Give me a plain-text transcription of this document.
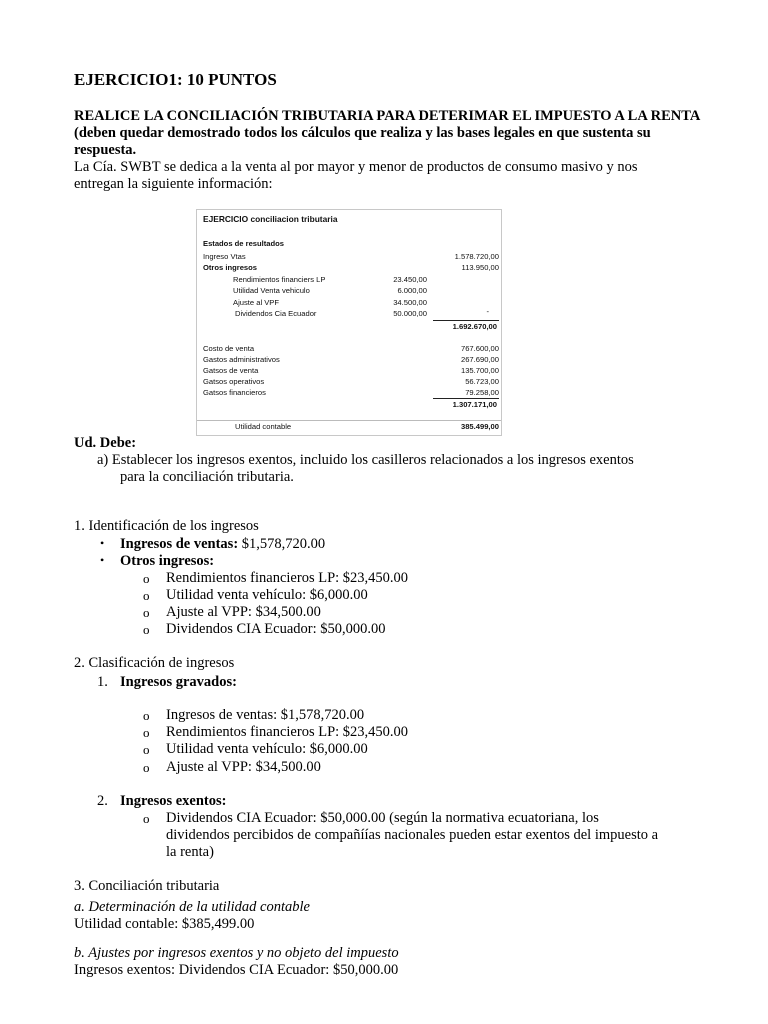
EJERCICIO1: 10 PUNTOS
REALICE LA CONCILIACIÓN TRIBUTARIA PARA DETERIMAR EL IMPUESTO A LA RENTA
(deben quedar demostrado todos los cálculos que realiza y las bases legales en que sustenta su
respuesta.
La Cía. SWBT se dedica a la venta al por mayor y menor de productos de consumo masivo y nos
entregan la siguiente información:
EJERCICIO conciliacion tributaria
Estados de resultados
Ingreso Vtas	1.578.720,00
Otros ingresos	113.950,00
Rendimientos financiers LP	23.450,00
Utilidad Venta vehiculo	6.000,00
Ajuste al VPF	34.500,00
Dividendos Cia Ecuador	50.000,00	-
1.692.670,00
Costo de venta	767.600,00
Gastos administrativos	267.690,00
Gatsos de venta	135.700,00
Gatsos operativos	56.723,00
Gatsos financieros	79.258,00
1.307.171,00
Utilidad contable	385.499,00
Ud. Debe:
a) Establecer los ingresos exentos, incluido los casilleros relacionados a los ingresos exentos
para la conciliación tributaria.
1. Identificación de los ingresos
• Ingresos de ventas: $1,578,720.00
• Otros ingresos:
o Rendimientos financieros LP: $23,450.00
o Utilidad venta vehículo: $6,000.00
o Ajuste al VPP: $34,500.00
o Dividendos CIA Ecuador: $50,000.00
2. Clasificación de ingresos
1. Ingresos gravados:
o Ingresos de ventas: $1,578,720.00
o Rendimientos financieros LP: $23,450.00
o Utilidad venta vehículo: $6,000.00
o Ajuste al VPP: $34,500.00
2. Ingresos exentos:
o Dividendos CIA Ecuador: $50,000.00 (según la normativa ecuatoriana, los
dividendos percibidos de compañíías nacionales pueden estar exentos del impuesto a
la renta)
3. Conciliación tributaria
a. Determinación de la utilidad contable
Utilidad contable: $385,499.00
b. Ajustes por ingresos exentos y no objeto del impuesto
Ingresos exentos: Dividendos CIA Ecuador: $50,000.00
